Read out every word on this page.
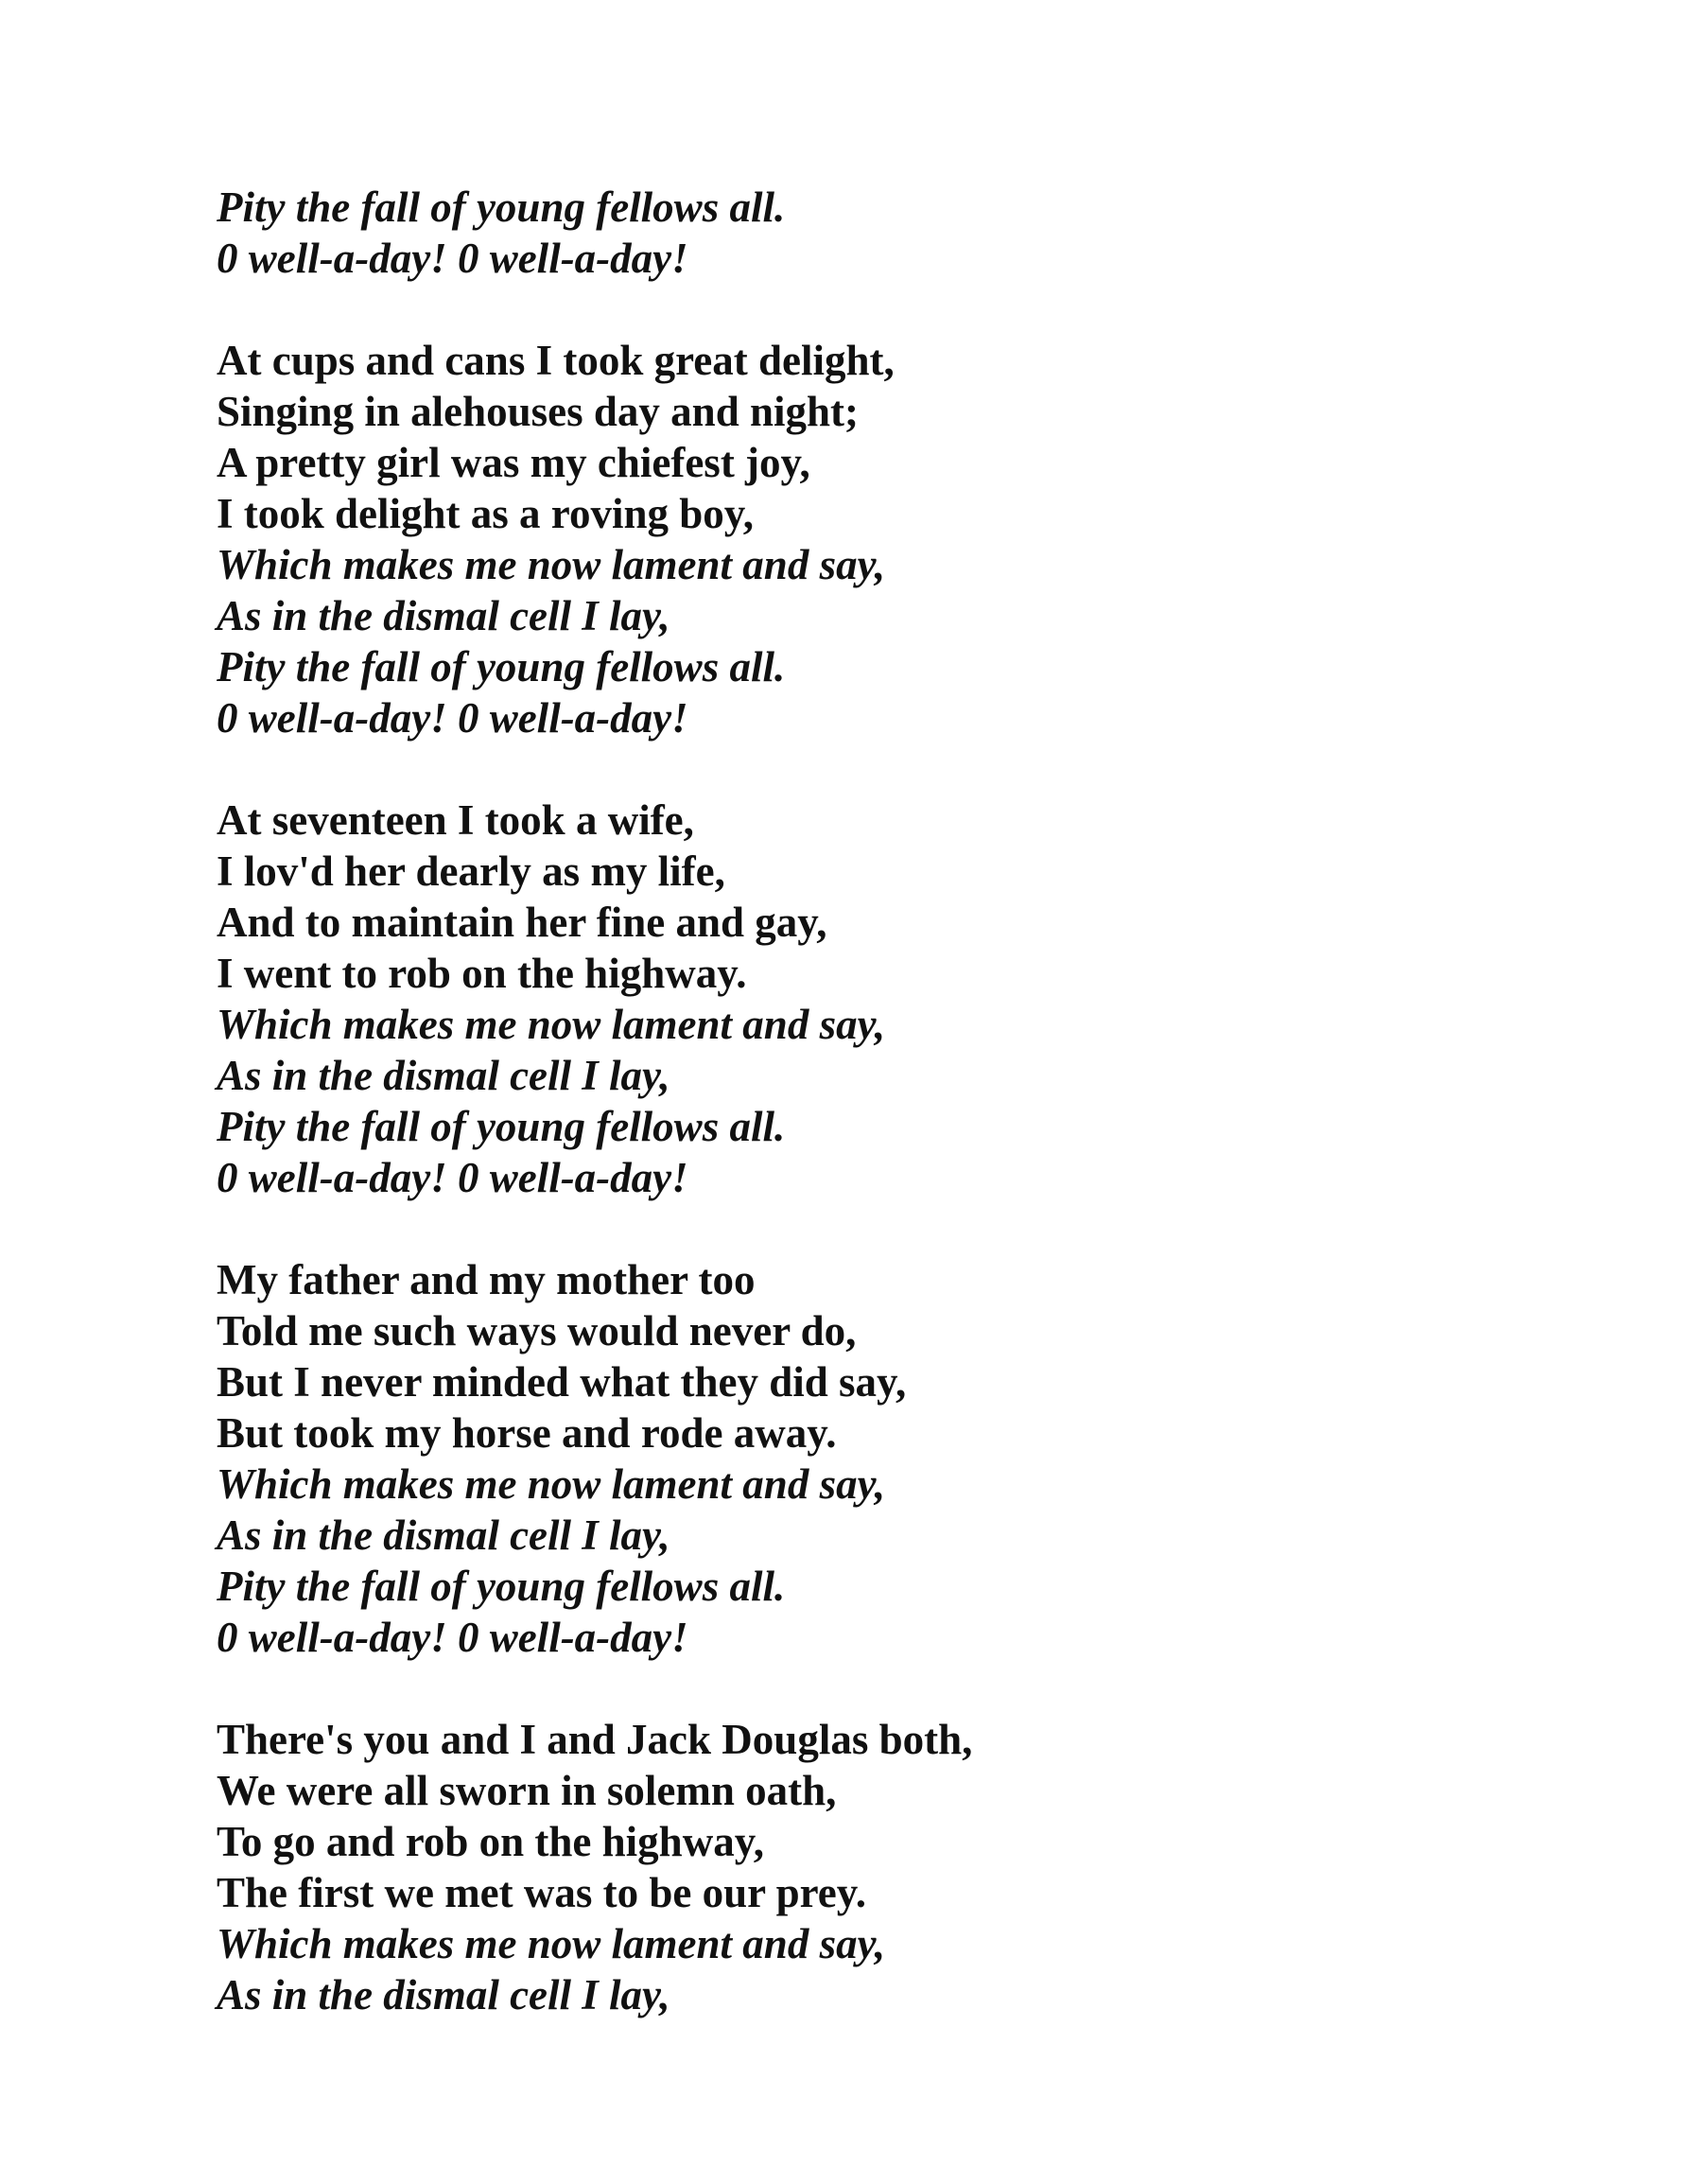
Pity the fall of young fellows all.
0 well-a-day! 0 well-a-day!
At cups and cans I took great delight,
Singing in alehouses day and night;
A pretty girl was my chiefest joy,
I took delight as a roving boy,
Which makes me now lament and say,
As in the dismal cell I lay,
Pity the fall of young fellows all.
0 well-a-day! 0 well-a-day!
At seventeen I took a wife,
I lov'd her dearly as my life,
And to maintain her fine and gay,
I went to rob on the highway.
Which makes me now lament and say,
As in the dismal cell I lay,
Pity the fall of young fellows all.
0 well-a-day! 0 well-a-day!
My father and my mother too
Told me such ways would never do,
But I never minded what they did say,
But took my horse and rode away.
Which makes me now lament and say,
As in the dismal cell I lay,
Pity the fall of young fellows all.
0 well-a-day! 0 well-a-day!
There's you and I and Jack Douglas both,
We were all sworn in solemn oath,
To go and rob on the highway,
The first we met was to be our prey.
Which makes me now lament and say,
As in the dismal cell I lay,
